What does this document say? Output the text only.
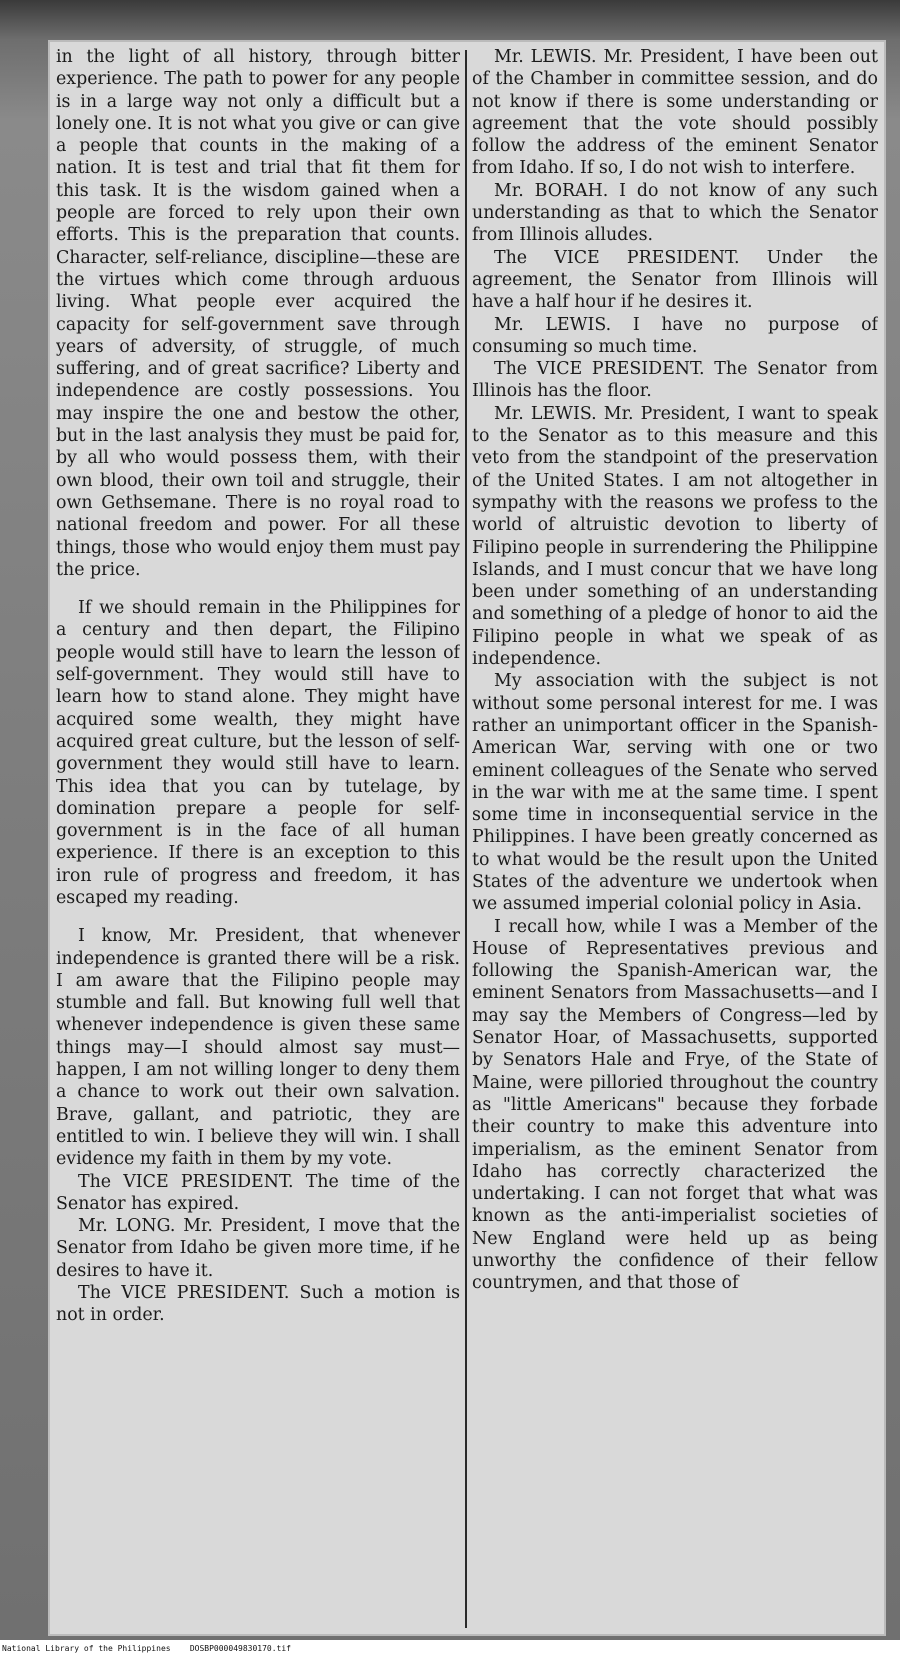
in the light of all history, through bitter experience. The path to power for any people is in a large way not only a difficult but a lonely one. It is not what you give or can give a people that counts in the making of a nation. It is test and trial that fit them for this task. It is the wisdom gained when a people are forced to rely upon their own efforts. This is the preparation that counts. Character, self-reliance, discipline—these are the virtues which come through arduous living. What people ever acquired the capacity for self-government save through years of adversity, of struggle, of much suffering, and of great sacrifice? Liberty and independence are costly possessions. You may inspire the one and bestow the other, but in the last analysis they must be paid for, by all who would possess them, with their own blood, their own toil and struggle, their own Gethsemane. There is no royal road to national freedom and power. For all these things, those who would enjoy them must pay the price.

If we should remain in the Philippines for a century and then depart, the Filipino people would still have to learn the lesson of self-government. They would still have to learn how to stand alone. They might have acquired some wealth, they might have acquired great culture, but the lesson of self-government they would still have to learn. This idea that you can by tutelage, by domination prepare a people for self-government is in the face of all human experience. If there is an exception to this iron rule of progress and freedom, it has escaped my reading.

I know, Mr. President, that whenever independence is granted there will be a risk. I am aware that the Filipino people may stumble and fall. But knowing full well that whenever independence is given these same things may—I should almost say must—happen, I am not willing longer to deny them a chance to work out their own salvation. Brave, gallant, and patriotic, they are entitled to win. I believe they will win. I shall evidence my faith in them by my vote.

The VICE PRESIDENT. The time of the Senator has expired.

Mr. LONG. Mr. President, I move that the Senator from Idaho be given more time, if he desires to have it.

The VICE PRESIDENT. Such a motion is not in order.

Mr. LEWIS. Mr. President, I have been out of the Chamber in committee session, and do not know if there is some understanding or agreement that the vote should possibly follow the address of the eminent Senator from Idaho. If so, I do not wish to interfere.

Mr. BORAH. I do not know of any such understanding as that to which the Senator from Illinois alludes.

The VICE PRESIDENT. Under the agreement, the Senator from Illinois will have a half hour if he desires it.

Mr. LEWIS. I have no purpose of consuming so much time.

The VICE PRESIDENT. The Senator from Illinois has the floor.

Mr. LEWIS. Mr. President, I want to speak to the Senator as to this measure and this veto from the standpoint of the preservation of the United States. I am not altogether in sympathy with the reasons we profess to the world of altruistic devotion to liberty of Filipino people in surrendering the Philippine Islands, and I must concur that we have long been under something of an understanding and something of a pledge of honor to aid the Filipino people in what we speak of as independence.

My association with the subject is not without some personal interest for me. I was rather an unimportant officer in the Spanish-American War, serving with one or two eminent colleagues of the Senate who served in the war with me at the same time. I spent some time in inconsequential service in the Philippines. I have been greatly concerned as to what would be the result upon the United States of the adventure we undertook when we assumed imperial colonial policy in Asia.

I recall how, while I was a Member of the House of Representatives previous and following the Spanish-American war, the eminent Senators from Massachusetts—and I may say the Members of Congress—led by Senator Hoar, of Massachusetts, supported by Senators Hale and Frye, of the State of Maine, were pilloried throughout the country as "little Americans" because they forbade their country to make this adventure into imperialism, as the eminent Senator from Idaho has correctly characterized the undertaking. I can not forget that what was known as the anti-imperialist societies of New England were held up as being unworthy the confidence of their fellow countrymen, and that those of

National Library of the Philippines    DOSBP000049830170.tif
